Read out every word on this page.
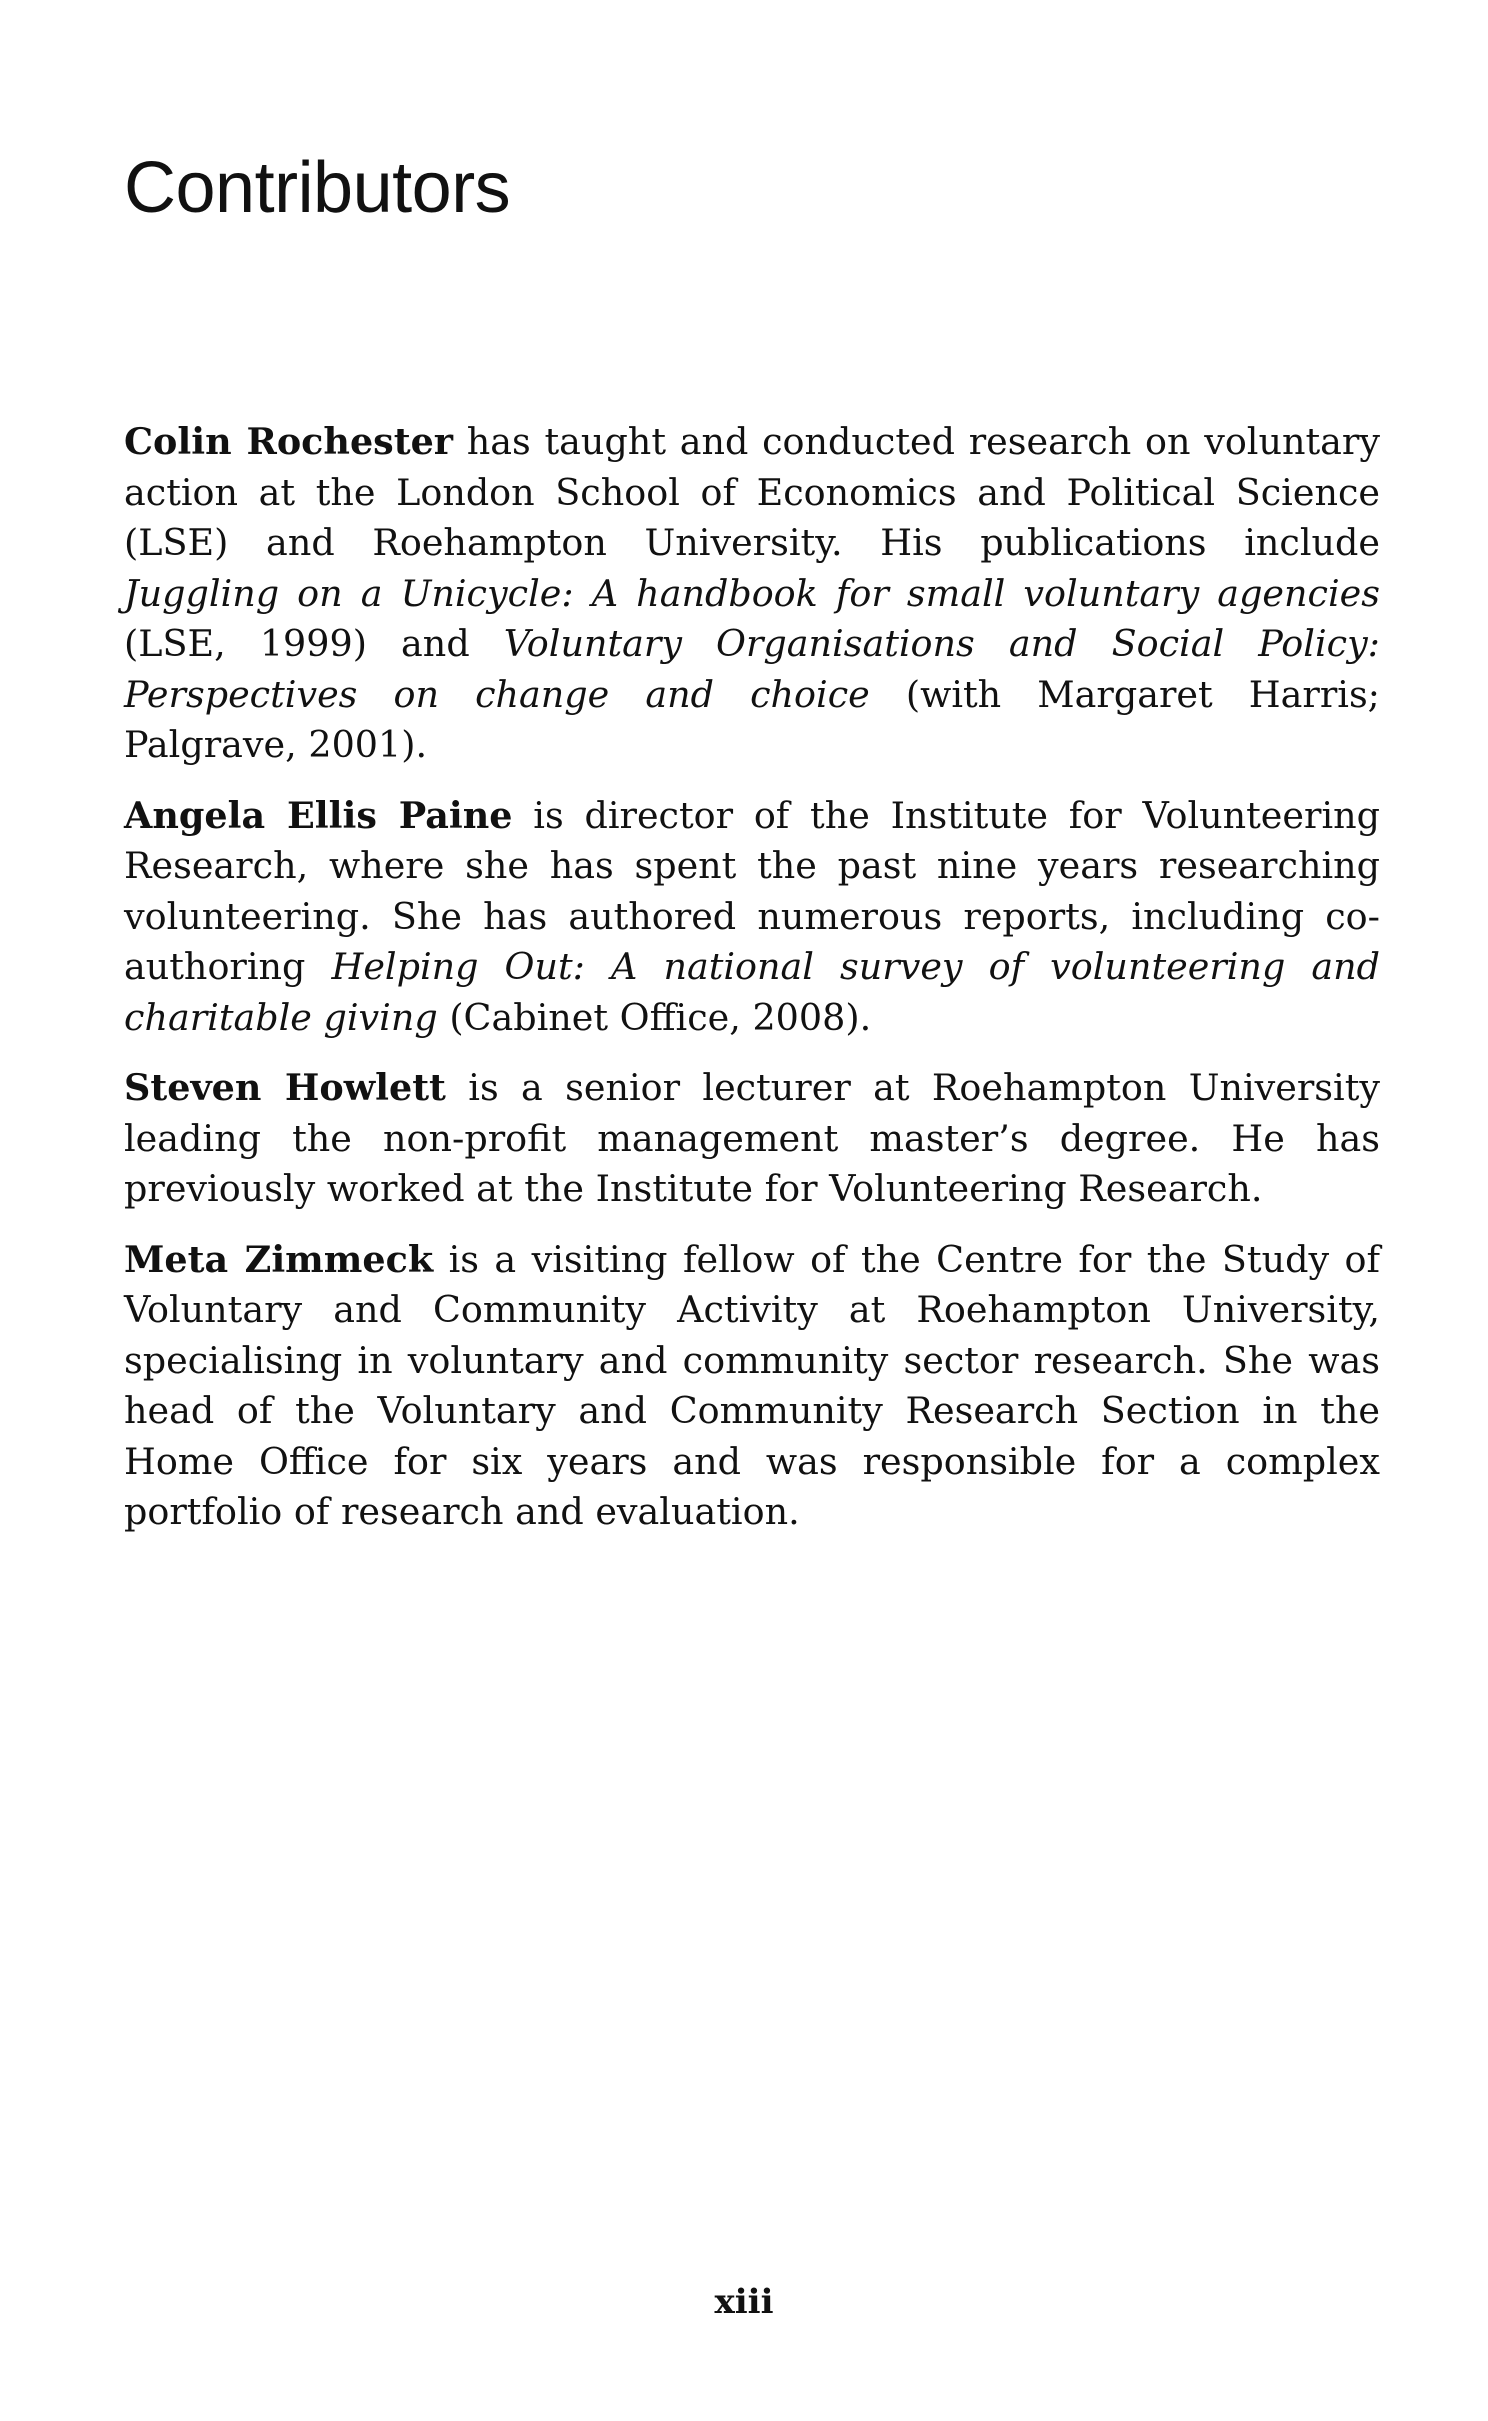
Contributors

Colin Rochester has taught and conducted research on voluntary action at the London School of Economics and Political Science (LSE) and Roehampton University. His publications include Juggling on a Unicycle: A handbook for small voluntary agencies (LSE, 1999) and Voluntary Organisations and Social Policy: Perspectives on change and choice (with Margaret Harris; Palgrave, 2001).

Angela Ellis Paine is director of the Institute for Volunteering Research, where she has spent the past nine years researching volunteering. She has authored numerous reports, including co-authoring Helping Out: A national survey of volunteering and charitable giving (Cabinet Office, 2008).

Steven Howlett is a senior lecturer at Roehampton University leading the non-profit management master’s degree. He has previously worked at the Institute for Volunteering Research.

Meta Zimmeck is a visiting fellow of the Centre for the Study of Voluntary and Community Activity at Roehampton University, specialising in voluntary and community sector research. She was head of the Voluntary and Community Research Section in the Home Office for six years and was responsible for a complex portfolio of research and evaluation.

xiii
